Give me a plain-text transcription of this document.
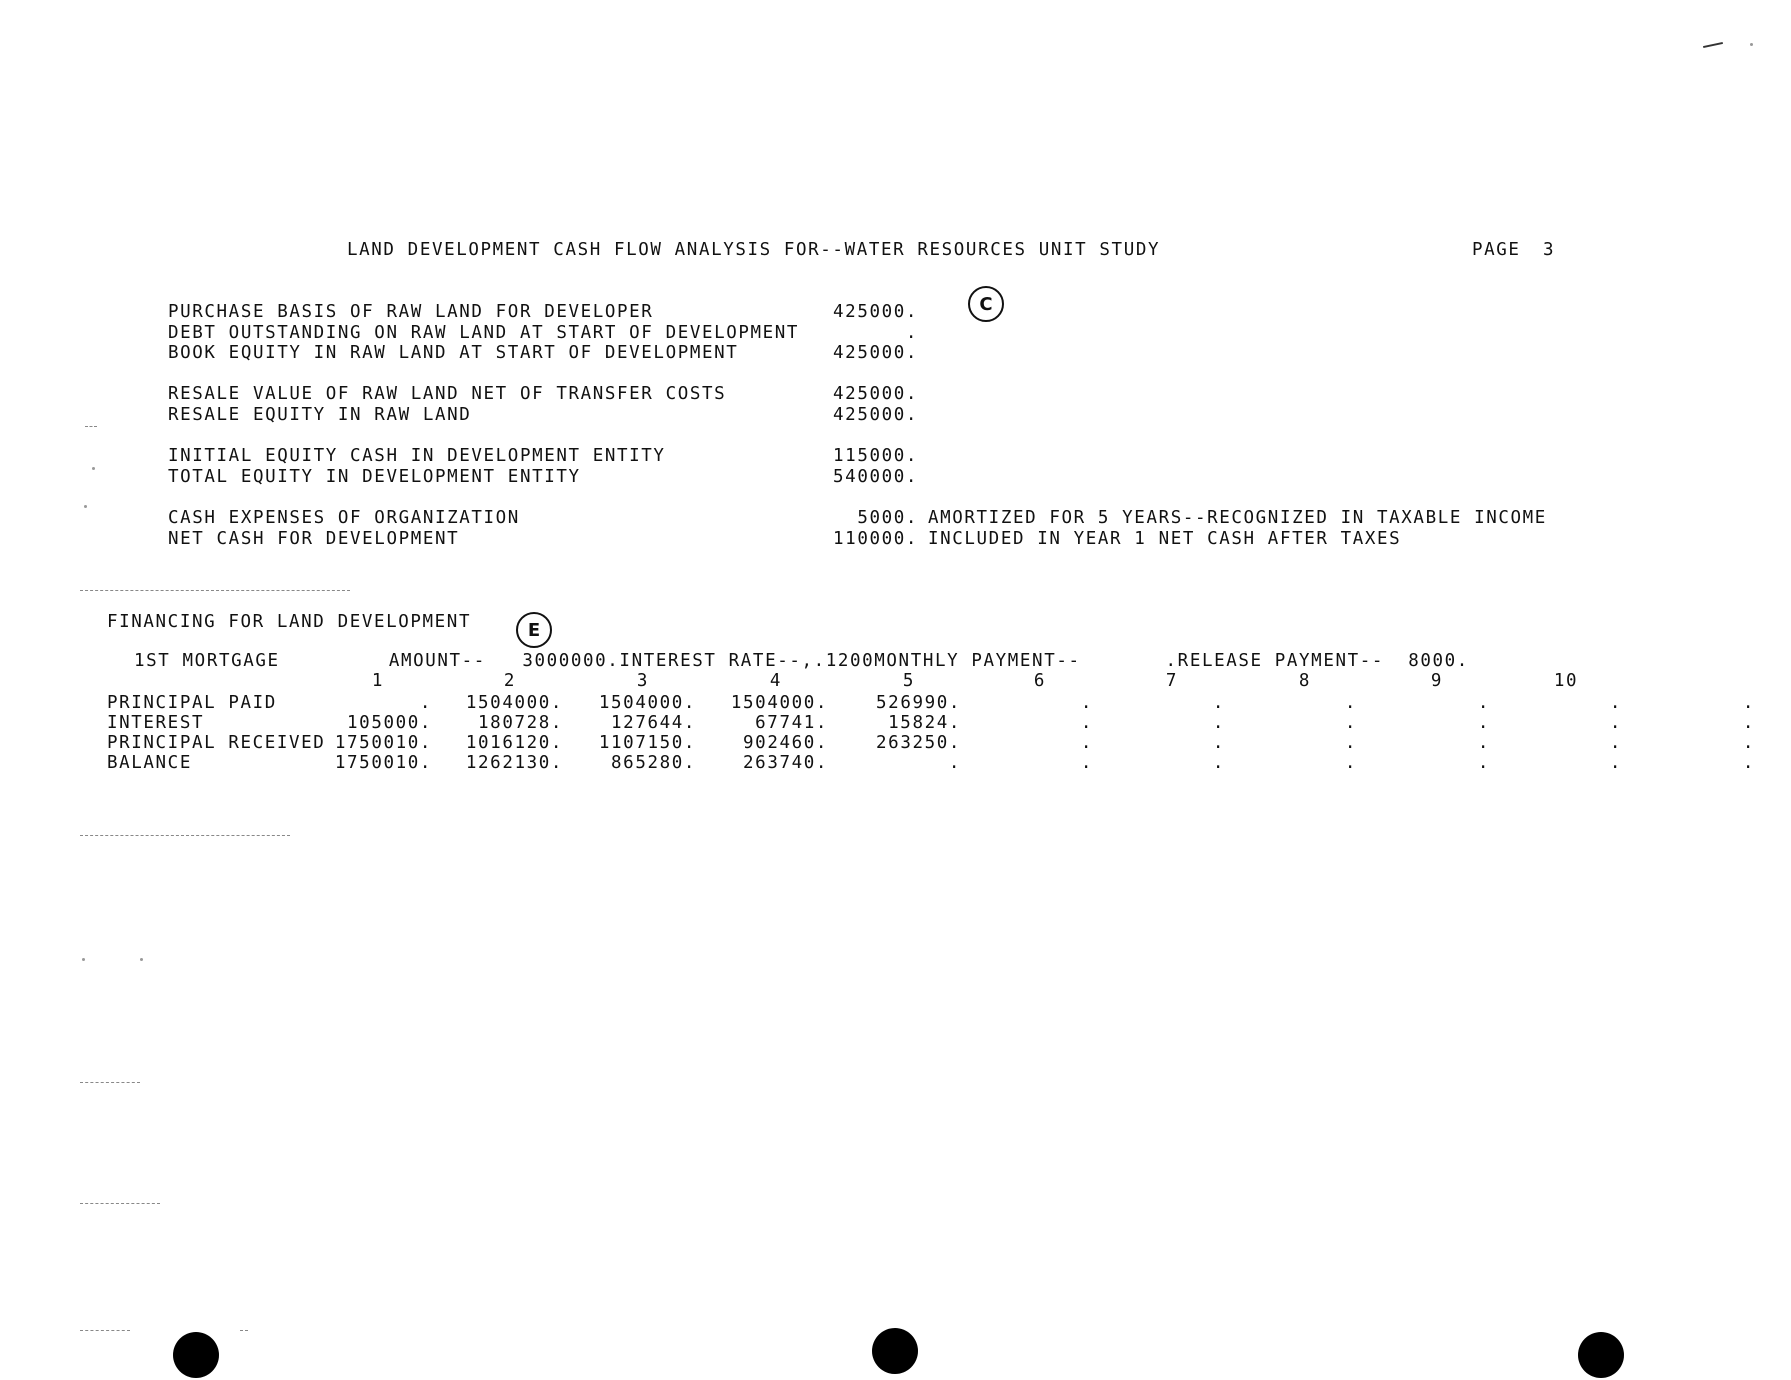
LAND DEVELOPMENT CASH FLOW ANALYSIS FOR--WATER RESOURCES UNIT STUDY	PAGE 3
C
PURCHASE BASIS OF RAW LAND FOR DEVELOPER	425000.
DEBT OUTSTANDING ON RAW LAND AT START OF DEVELOPMENT	.
BOOK EQUITY IN RAW LAND AT START OF DEVELOPMENT	425000.
RESALE VALUE OF RAW LAND NET OF TRANSFER COSTS	425000.
RESALE EQUITY IN RAW LAND	425000.
INITIAL EQUITY CASH IN DEVELOPMENT ENTITY	115000.
TOTAL EQUITY IN DEVELOPMENT ENTITY	540000.
CASH EXPENSES OF ORGANIZATION	5000. AMORTIZED FOR 5 YEARS--RECOGNIZED IN TAXABLE INCOME
NET CASH FOR DEVELOPMENT	110000. INCLUDED IN YEAR 1 NET CASH AFTER TAXES
FINANCING FOR LAND DEVELOPMENT	E
1ST MORTGAGE         AMOUNT--   3000000.INTEREST RATE--,.1200MONTHLY PAYMENT--       .RELEASE PAYMENT--  8000.
1	2	3	4	5	6	7	8	9	10
PRINCIPAL PAID	. 1504000. 1504000. 1504000.	526990.	.	.	.	.	.	.
INTEREST	105000.	180728.	127644.	67741.	15824.	.	.	.	.	.	.
PRINCIPAL RECEIVED 1750010. 1016120. 1107150.	902460.	263250.	.	.	.	.	.	.
BALANCE	1750010. 1262130.	865280.	263740.	.	.	.	.	.	.	.
